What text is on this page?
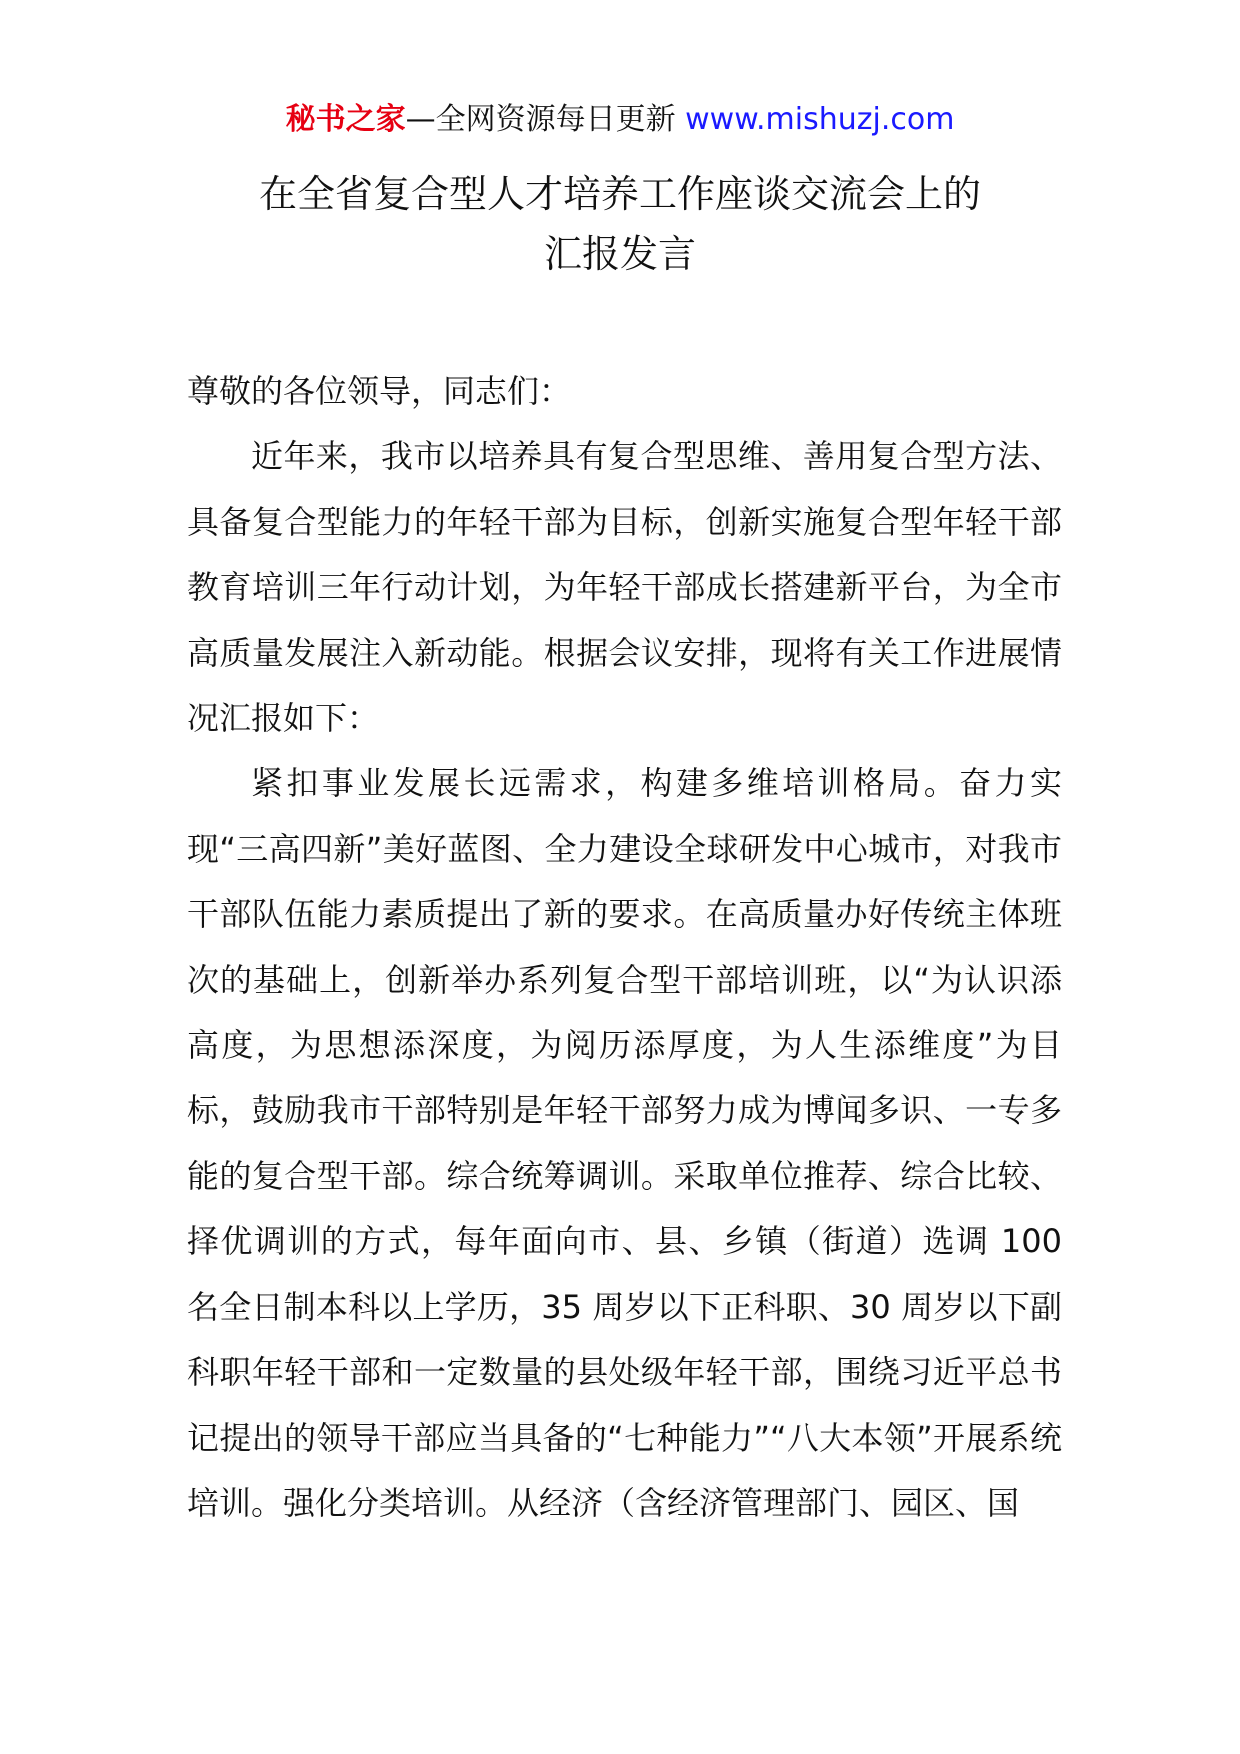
秘书之家—全网资源每日更新 www.mishuzj.com
在全省复合型人才培养工作座谈交流会上的
汇报发言

尊敬的各位领导，同志们：

近年来，我市以培养具有复合型思维、善用复合型方法、具备复合型能力的年轻干部为目标，创新实施复合型年轻干部教育培训三年行动计划，为年轻干部成长搭建新平台，为全市高质量发展注入新动能。根据会议安排，现将有关工作进展情况汇报如下：

紧扣事业发展长远需求，构建多维培训格局。奋力实现“三高四新”美好蓝图、全力建设全球研发中心城市，对我市干部队伍能力素质提出了新的要求。在高质量办好传统主体班次的基础上，创新举办系列复合型干部培训班，以“为认识添高度，为思想添深度，为阅历添厚度，为人生添维度”为目标，鼓励我市干部特别是年轻干部努力成为博闻多识、一专多能的复合型干部。综合统筹调训。采取单位推荐、综合比较、择优调训的方式，每年面向市、县、乡镇（街道）选调 100 名全日制本科以上学历，35 周岁以下正科职、30 周岁以下副科职年轻干部和一定数量的县处级年轻干部，围绕习近平总书记提出的领导干部应当具备的“七种能力”“八大本领”开展系统培训。强化分类培训。从经济（含经济管理部门、园区、国
